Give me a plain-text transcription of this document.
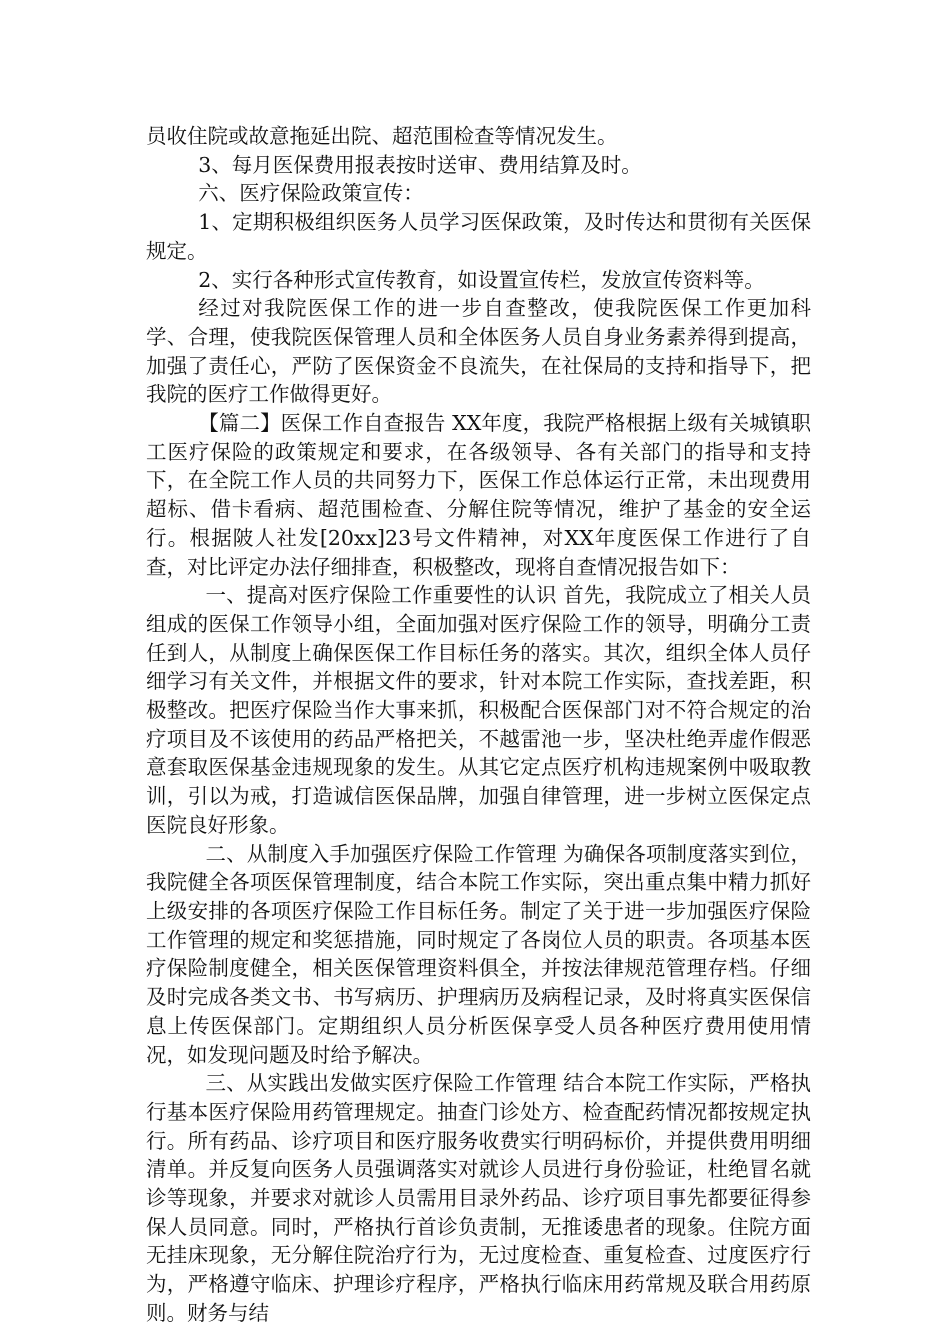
员收住院或故意拖延出院、超范围检查等情况发生。

3、每月医保费用报表按时送审、费用结算及时。

六、医疗保险政策宣传：

1、定期积极组织医务人员学习医保政策，及时传达和贯彻有关医保规定。

2、实行各种形式宣传教育，如设置宣传栏，发放宣传资料等。

经过对我院医保工作的进一步自查整改，使我院医保工作更加科学、合理，使我院医保管理人员和全体医务人员自身业务素养得到提高，加强了责任心，严防了医保资金不良流失，在社保局的支持和指导下，把我院的医疗工作做得更好。

【篇二】医保工作自查报告 XX年度，我院严格根据上级有关城镇职工医疗保险的政策规定和要求，在各级领导、各有关部门的指导和支持下，在全院工作人员的共同努力下，医保工作总体运行正常，未出现费用超标、借卡看病、超范围检查、分解住院等情况，维护了基金的安全运行。根据陂人社发[20xx]23号文件精神，对XX年度医保工作进行了自查，对比评定办法仔细排查，积极整改，现将自查情况报告如下：

一、提高对医疗保险工作重要性的认识 首先，我院成立了相关人员组成的医保工作领导小组，全面加强对医疗保险工作的领导，明确分工责任到人，从制度上确保医保工作目标任务的落实。其次，组织全体人员仔细学习有关文件，并根据文件的要求，针对本院工作实际，查找差距，积极整改。把医疗保险当作大事来抓，积极配合医保部门对不符合规定的治疗项目及不该使用的药品严格把关，不越雷池一步，坚决杜绝弄虚作假恶意套取医保基金违规现象的发生。从其它定点医疗机构违规案例中吸取教训，引以为戒，打造诚信医保品牌，加强自律管理，进一步树立医保定点医院良好形象。

二、从制度入手加强医疗保险工作管理 为确保各项制度落实到位，我院健全各项医保管理制度，结合本院工作实际，突出重点集中精力抓好上级安排的各项医疗保险工作目标任务。制定了关于进一步加强医疗保险工作管理的规定和奖惩措施，同时规定了各岗位人员的职责。各项基本医疗保险制度健全，相关医保管理资料俱全，并按法律规范管理存档。仔细及时完成各类文书、书写病历、护理病历及病程记录，及时将真实医保信息上传医保部门。定期组织人员分析医保享受人员各种医疗费用使用情况，如发现问题及时给予解决。

三、从实践出发做实医疗保险工作管理 结合本院工作实际，严格执行基本医疗保险用药管理规定。抽查门诊处方、检查配药情况都按规定执行。所有药品、诊疗项目和医疗服务收费实行明码标价，并提供费用明细清单。并反复向医务人员强调落实对就诊人员进行身份验证，杜绝冒名就诊等现象，并要求对就诊人员需用目录外药品、诊疗项目事先都要征得参保人员同意。同时，严格执行首诊负责制，无推诿患者的现象。住院方面无挂床现象，无分解住院治疗行为，无过度检查、重复检查、过度医疗行为，严格遵守临床、护理诊疗程序，严格执行临床用药常规及联合用药原则。财务与结
